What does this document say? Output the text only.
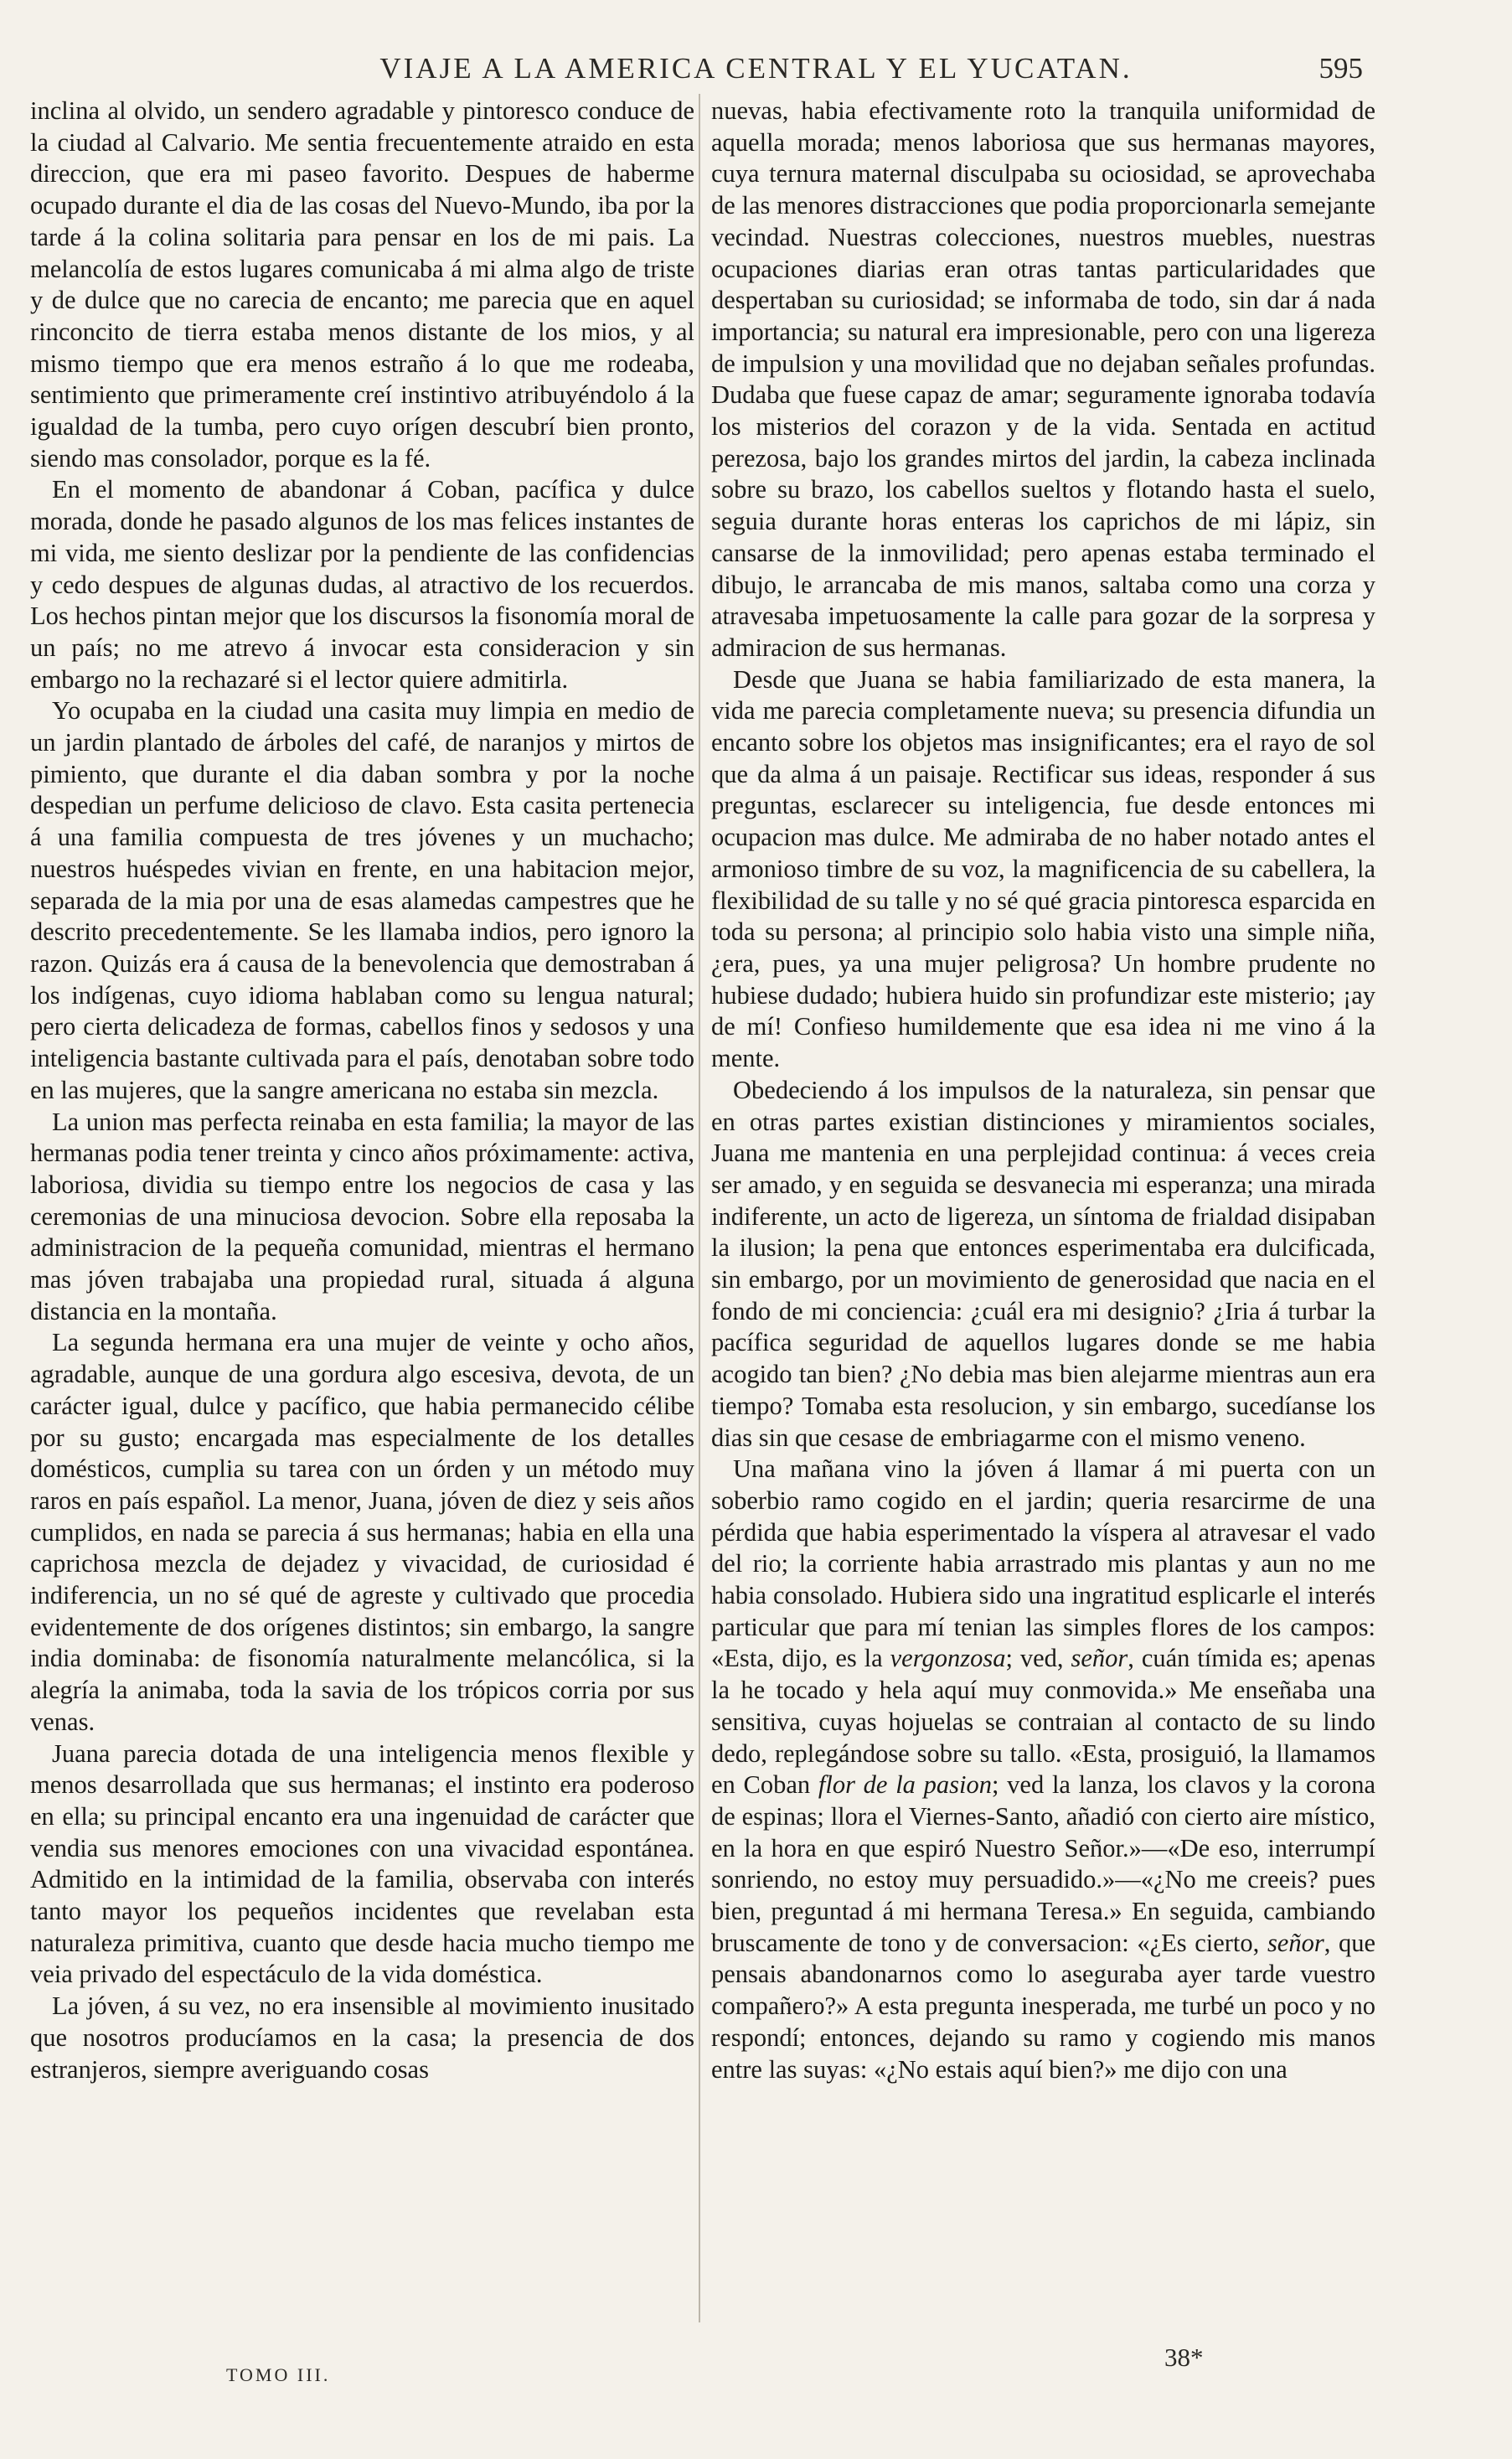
VIAJE A LA AMERICA CENTRAL Y EL YUCATAN.	595

inclina al olvido, un sendero agradable y pintoresco conduce de la ciudad al Calvario. Me sentia frecuentemente atraido en esta direccion, que era mi paseo favorito. Despues de haberme ocupado durante el dia de las cosas del Nuevo-Mundo, iba por la tarde á la colina solitaria para pensar en los de mi pais. La melancolía de estos lugares comunicaba á mi alma algo de triste y de dulce que no carecia de encanto; me parecia que en aquel rinconcito de tierra estaba menos distante de los mios, y al mismo tiempo que era menos estraño á lo que me rodeaba, sentimiento que primeramente creí instintivo atribuyéndolo á la igualdad de la tumba, pero cuyo orígen descubrí bien pronto, siendo mas consolador, porque es la fé.

En el momento de abandonar á Coban, pacífica y dulce morada, donde he pasado algunos de los mas felices instantes de mi vida, me siento deslizar por la pendiente de las confidencias y cedo despues de algunas dudas, al atractivo de los recuerdos. Los hechos pintan mejor que los discursos la fisonomía moral de un país; no me atrevo á invocar esta consideracion y sin embargo no la rechazaré si el lector quiere admitirla.

Yo ocupaba en la ciudad una casita muy limpia en medio de un jardin plantado de árboles del café, de naranjos y mirtos de pimiento, que durante el dia daban sombra y por la noche despedian un perfume delicioso de clavo. Esta casita pertenecia á una familia compuesta de tres jóvenes y un muchacho; nuestros huéspedes vivian en frente, en una habitacion mejor, separada de la mia por una de esas alamedas campestres que he descrito precedentemente. Se les llamaba indios, pero ignoro la razon. Quizás era á causa de la benevolencia que demostraban á los indígenas, cuyo idioma hablaban como su lengua natural; pero cierta delicadeza de formas, cabellos finos y sedosos y una inteligencia bastante cultivada para el país, denotaban sobre todo en las mujeres, que la sangre americana no estaba sin mezcla.

La union mas perfecta reinaba en esta familia; la mayor de las hermanas podia tener treinta y cinco años próximamente: activa, laboriosa, dividia su tiempo entre los negocios de casa y las ceremonias de una minuciosa devocion. Sobre ella reposaba la administracion de la pequeña comunidad, mientras el hermano mas jóven trabajaba una propiedad rural, situada á alguna distancia en la montaña.

La segunda hermana era una mujer de veinte y ocho años, agradable, aunque de una gordura algo escesiva, devota, de un carácter igual, dulce y pacífico, que habia permanecido célibe por su gusto; encargada mas especialmente de los detalles domésticos, cumplia su tarea con un órden y un método muy raros en país español. La menor, Juana, jóven de diez y seis años cumplidos, en nada se parecia á sus hermanas; habia en ella una caprichosa mezcla de dejadez y vivacidad, de curiosidad é indiferencia, un no sé qué de agreste y cultivado que procedia evidentemente de dos orígenes distintos; sin embargo, la sangre india dominaba: de fisonomía naturalmente melancólica, si la alegría la animaba, toda la savia de los trópicos corria por sus venas.

Juana parecia dotada de una inteligencia menos flexible y menos desarrollada que sus hermanas; el instinto era poderoso en ella; su principal encanto era una ingenuidad de carácter que vendia sus menores emociones con una vivacidad espontánea. Admitido en la intimidad de la familia, observaba con interés tanto mayor los pequeños incidentes que revelaban esta naturaleza primitiva, cuanto que desde hacia mucho tiempo me veia privado del espectáculo de la vida doméstica.

La jóven, á su vez, no era insensible al movimiento inusitado que nosotros producíamos en la casa; la presencia de dos estranjeros, siempre averiguando cosas

nuevas, habia efectivamente roto la tranquila uniformidad de aquella morada; menos laboriosa que sus hermanas mayores, cuya ternura maternal disculpaba su ociosidad, se aprovechaba de las menores distracciones que podia proporcionarla semejante vecindad. Nuestras colecciones, nuestros muebles, nuestras ocupaciones diarias eran otras tantas particularidades que despertaban su curiosidad; se informaba de todo, sin dar á nada importancia; su natural era impresionable, pero con una ligereza de impulsion y una movilidad que no dejaban señales profundas. Dudaba que fuese capaz de amar; seguramente ignoraba todavía los misterios del corazon y de la vida. Sentada en actitud perezosa, bajo los grandes mirtos del jardin, la cabeza inclinada sobre su brazo, los cabellos sueltos y flotando hasta el suelo, seguia durante horas enteras los caprichos de mi lápiz, sin cansarse de la inmovilidad; pero apenas estaba terminado el dibujo, le arrancaba de mis manos, saltaba como una corza y atravesaba impetuosamente la calle para gozar de la sorpresa y admiracion de sus hermanas.

Desde que Juana se habia familiarizado de esta manera, la vida me parecia completamente nueva; su presencia difundia un encanto sobre los objetos mas insignificantes; era el rayo de sol que da alma á un paisaje. Rectificar sus ideas, responder á sus preguntas, esclarecer su inteligencia, fue desde entonces mi ocupacion mas dulce. Me admiraba de no haber notado antes el armonioso timbre de su voz, la magnificencia de su cabellera, la flexibilidad de su talle y no sé qué gracia pintoresca esparcida en toda su persona; al principio solo habia visto una simple niña, ¿era, pues, ya una mujer peligrosa? Un hombre prudente no hubiese dudado; hubiera huido sin profundizar este misterio; ¡ay de mí! Confieso humildemente que esa idea ni me vino á la mente.

Obedeciendo á los impulsos de la naturaleza, sin pensar que en otras partes existian distinciones y miramientos sociales, Juana me mantenia en una perplejidad continua: á veces creia ser amado, y en seguida se desvanecia mi esperanza; una mirada indiferente, un acto de ligereza, un síntoma de frialdad disipaban la ilusion; la pena que entonces esperimentaba era dulcificada, sin embargo, por un movimiento de generosidad que nacia en el fondo de mi conciencia: ¿cuál era mi designio? ¿Iria á turbar la pacífica seguridad de aquellos lugares donde se me habia acogido tan bien? ¿No debia mas bien alejarme mientras aun era tiempo? Tomaba esta resolucion, y sin embargo, sucedíanse los dias sin que cesase de embriagarme con el mismo veneno.

Una mañana vino la jóven á llamar á mi puerta con un soberbio ramo cogido en el jardin; queria resarcirme de una pérdida que habia esperimentado la víspera al atravesar el vado del rio; la corriente habia arrastrado mis plantas y aun no me habia consolado. Hubiera sido una ingratitud esplicarle el interés particular que para mí tenian las simples flores de los campos: «Esta, dijo, es la vergonzosa; ved, señor, cuán tímida es; apenas la he tocado y hela aquí muy conmovida.» Me enseñaba una sensitiva, cuyas hojuelas se contraian al contacto de su lindo dedo, replegándose sobre su tallo. «Esta, prosiguió, la llamamos en Coban flor de la pasion; ved la lanza, los clavos y la corona de espinas; llora el Viernes-Santo, añadió con cierto aire místico, en la hora en que espiró Nuestro Señor.»—«De eso, interrumpí sonriendo, no estoy muy persuadido.»—«¿No me creeis? pues bien, preguntad á mi hermana Teresa.» En seguida, cambiando bruscamente de tono y de conversacion: «¿Es cierto, señor, que pensais abandonarnos como lo aseguraba ayer tarde vuestro compañero?» A esta pregunta inesperada, me turbé un poco y no respondí; entonces, dejando su ramo y cogiendo mis manos entre las suyas: «¿No estais aquí bien?» me dijo con una

TOMO III.
38*
